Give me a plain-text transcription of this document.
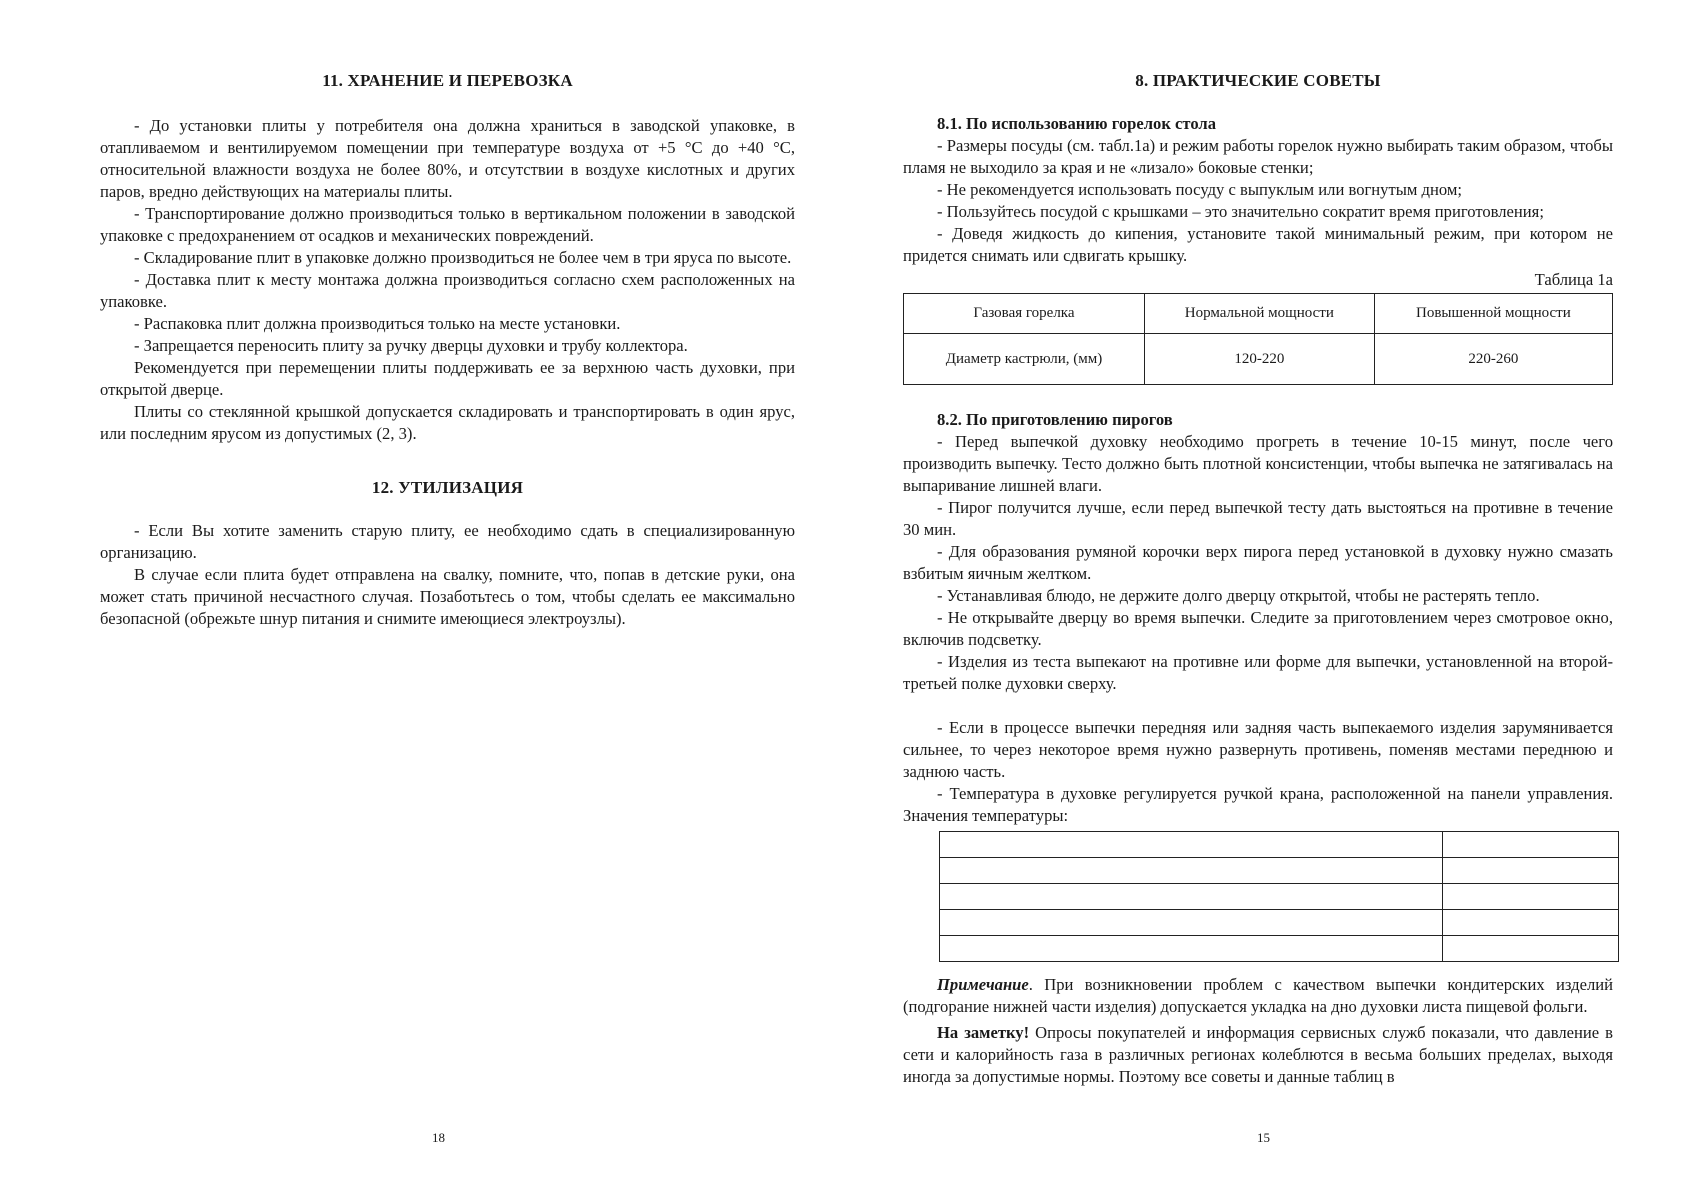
11. ХРАНЕНИЕ И ПЕРЕВОЗКА

- До установки плиты у потребителя она должна храниться в заводской упаковке, в отапливаемом и вентилируемом помещении при температуре воздуха от +5 °С до +40 °С, относительной влажности воздуха не более 80%, и отсутствии в воздухе кислотных и других паров, вредно действующих на материалы плиты.

- Транспортирование должно производиться только в вертикальном положении в заводской упаковке с предохранением от осадков и механических повреждений.

- Складирование плит в упаковке должно производиться не более чем в три яруса по высоте.

- Доставка плит к месту монтажа должна производиться согласно схем расположенных на упаковке.

- Распаковка плит должна производиться только на месте установки.

- Запрещается переносить плиту за ручку дверцы духовки и трубу коллектора.

Рекомендуется при перемещении плиты поддерживать ее за верхнюю часть духовки, при открытой дверце.

Плиты со стеклянной крышкой допускается складировать и транспортировать в один ярус, или последним ярусом из допустимых (2, 3).

12. УТИЛИЗАЦИЯ

- Если Вы хотите заменить старую плиту, ее необходимо сдать в специализированную организацию.

В случае если плита будет отправлена на свалку, помните, что, попав в детские руки, она может стать причиной несчастного случая. Позаботьтесь о том, чтобы сделать ее максимально безопасной (обрежьте шнур питания и снимите имеющиеся электроузлы).

18
8. ПРАКТИЧЕСКИЕ СОВЕТЫ
8.1. По использованию горелок стола

- Размеры посуды (см. табл.1а) и режим работы горелок нужно выбирать таким образом, чтобы пламя не выходило за края и не «лизало» боковые стенки;

- Не рекомендуется использовать посуду с выпуклым или вогнутым дном;

- Пользуйтесь посудой с крышками – это значительно сократит время приготовления;

- Доведя жидкость до кипения, установите такой минимальный режим, при котором не придется снимать или сдвигать крышку.

Таблица 1а
Газовая горелка	Нормальной мощности	Повышенной мощности
Диаметр кастрюли, (мм)	120-220	220-260
8.2. По приготовлению пирогов

- Перед выпечкой духовку необходимо прогреть в течение 10-15 минут, после чего производить выпечку. Тесто должно быть плотной консистенции, чтобы выпечка не затягивалась на выпаривание лишней влаги.

- Пирог получится лучше, если перед выпечкой тесту дать выстояться на противне в течение 30 мин.

- Для образования румяной корочки верх пирога перед установкой в духовку нужно смазать взбитым яичным желтком.

- Устанавливая блюдо, не держите долго дверцу открытой, чтобы не растерять тепло.

- Не открывайте дверцу во время выпечки. Следите за приготовлением через смотровое окно, включив подсветку.

- Изделия из теста выпекают на противне или форме для выпечки, установленной на второй-третьей полке духовки сверху.

- Если в процессе выпечки передняя или задняя часть выпекаемого изделия зарумянивается сильнее, то через некоторое время нужно развернуть противень, поменяв местами переднюю и заднюю часть.

- Температура в духовке регулируется ручкой крана, расположенной на панели управления. Значения температуры:

Примечание. При возникновении проблем с качеством выпечки кондитерских изделий (подгорание нижней части изделия) допускается укладка на дно духовки листа пищевой фольги.

На заметку! Опросы покупателей и информация сервисных служб показали, что давление в сети и калорийность газа в различных регионах колеблются в весьма больших пределах, выходя иногда за допустимые нормы. Поэтому все советы и данные таблиц в

15
